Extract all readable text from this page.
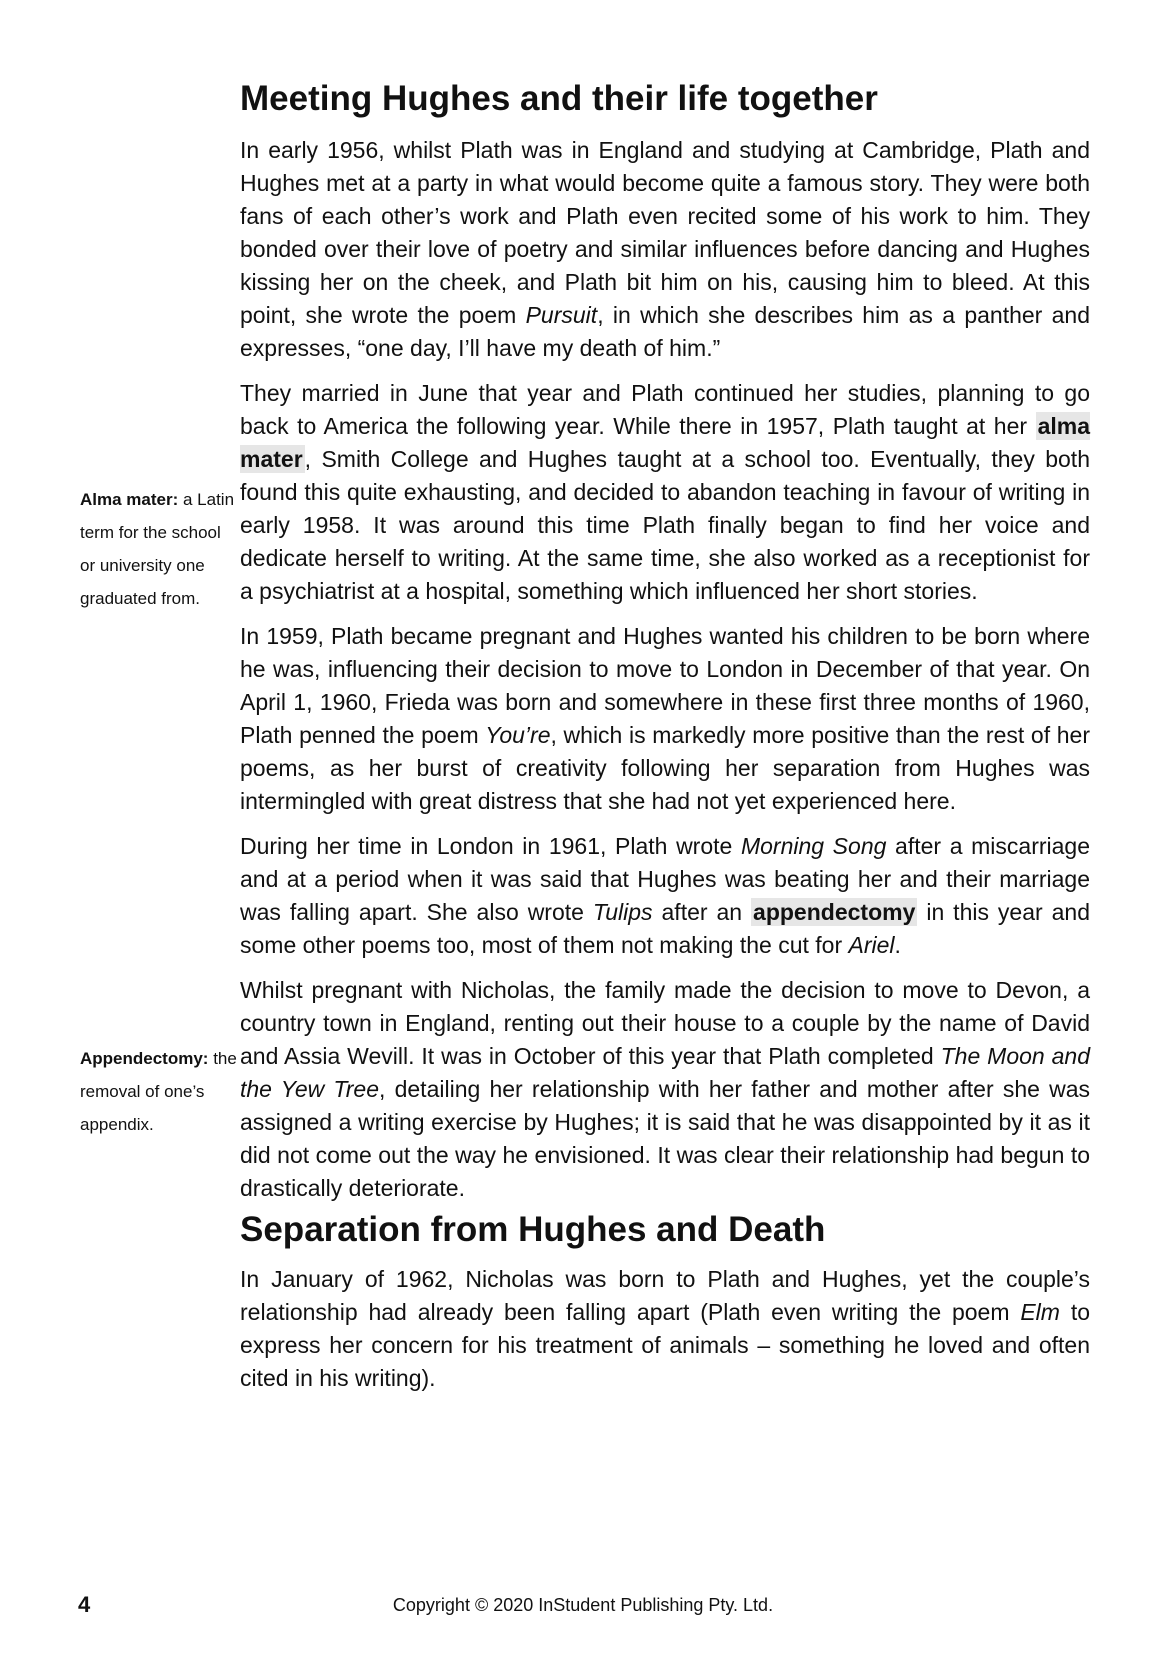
Meeting Hughes and their life together

In early 1956, whilst Plath was in England and studying at Cambridge, Plath and Hughes met at a party in what would become quite a famous story. They were both fans of each other’s work and Plath even recited some of his work to him. They bonded over their love of poetry and similar influences before dancing and Hughes kissing her on the cheek, and Plath bit him on his, causing him to bleed. At this point, she wrote the poem Pursuit, in which she describes him as a panther and expresses, “one day, I’ll have my death of him.”

They married in June that year and Plath continued her studies, planning to go back to America the following year. While there in 1957, Plath taught at her alma mater, Smith College and Hughes taught at a school too. Eventually, they both found this quite exhausting, and decided to abandon teaching in favour of writing in early 1958. It was around this time Plath finally began to find her voice and dedicate herself to writing. At the same time, she also worked as a receptionist for a psychiatrist at a hospital, something which influenced her short stories.

In 1959, Plath became pregnant and Hughes wanted his children to be born where he was, influencing their decision to move to London in December of that year. On April 1, 1960, Frieda was born and somewhere in these first three months of 1960, Plath penned the poem You’re, which is markedly more positive than the rest of her poems, as her burst of creativity following her separation from Hughes was intermingled with great distress that she had not yet experienced here.

During her time in London in 1961, Plath wrote Morning Song after a miscarriage and at a period when it was said that Hughes was beating her and their marriage was falling apart. She also wrote Tulips after an appendectomy in this year and some other poems too, most of them not making the cut for Ariel.

Whilst pregnant with Nicholas, the family made the decision to move to Devon, a country town in England, renting out their house to a couple by the name of David and Assia Wevill. It was in October of this year that Plath completed The Moon and the Yew Tree, detailing her relationship with her father and mother after she was assigned a writing exercise by Hughes; it is said that he was disappointed by it as it did not come out the way he envisioned. It was clear their relationship had begun to drastically deteriorate.

Separation from Hughes and Death

In January of 1962, Nicholas was born to Plath and Hughes, yet the couple’s relationship had already been falling apart (Plath even writing the poem Elm to express her concern for his treatment of animals – something he loved and often cited in his writing).

Alma mater: a Latin term for the school or university one graduated from.
Appendectomy: the removal of one’s appendix.
4	Copyright © 2020 InStudent Publishing Pty. Ltd.
